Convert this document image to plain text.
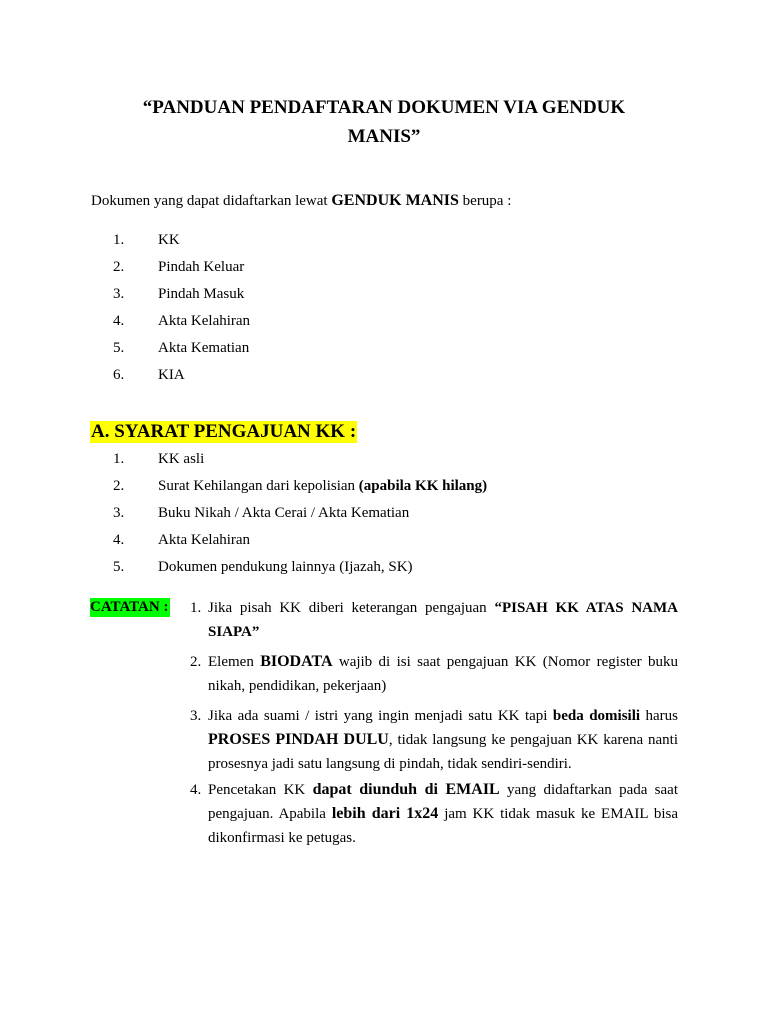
“PANDUAN PENDAFTARAN DOKUMEN VIA GENDUK
MANIS”
Dokumen yang dapat didaftarkan lewat GENDUK MANIS berupa :
1.	KK
2.	Pindah Keluar
3.	Pindah Masuk
4.	Akta Kelahiran
5.	Akta Kematian
6.	KIA
A. SYARAT PENGAJUAN KK :
1.	KK asli
2.	Surat Kehilangan dari kepolisian (apabila KK hilang)
3.	Buku Nikah / Akta Cerai / Akta Kematian
4.	Akta Kelahiran
5.	Dokumen pendukung lainnya (Ijazah, SK)
CATATAN : 1. Jika pisah KK diberi keterangan pengajuan “PISAH KK ATAS NAMA SIAPA”
2. Elemen BIODATA wajib di isi saat pengajuan KK (Nomor register buku nikah, pendidikan, pekerjaan)
3. Jika ada suami / istri yang ingin menjadi satu KK tapi beda domisili harus PROSES PINDAH DULU, tidak langsung ke pengajuan KK karena nanti prosesnya jadi satu langsung di pindah, tidak sendiri-sendiri.
4. Pencetakan KK dapat diunduh di EMAIL yang didaftarkan pada saat pengajuan. Apabila lebih dari 1x24 jam KK tidak masuk ke EMAIL bisa dikonfirmasi ke petugas.
